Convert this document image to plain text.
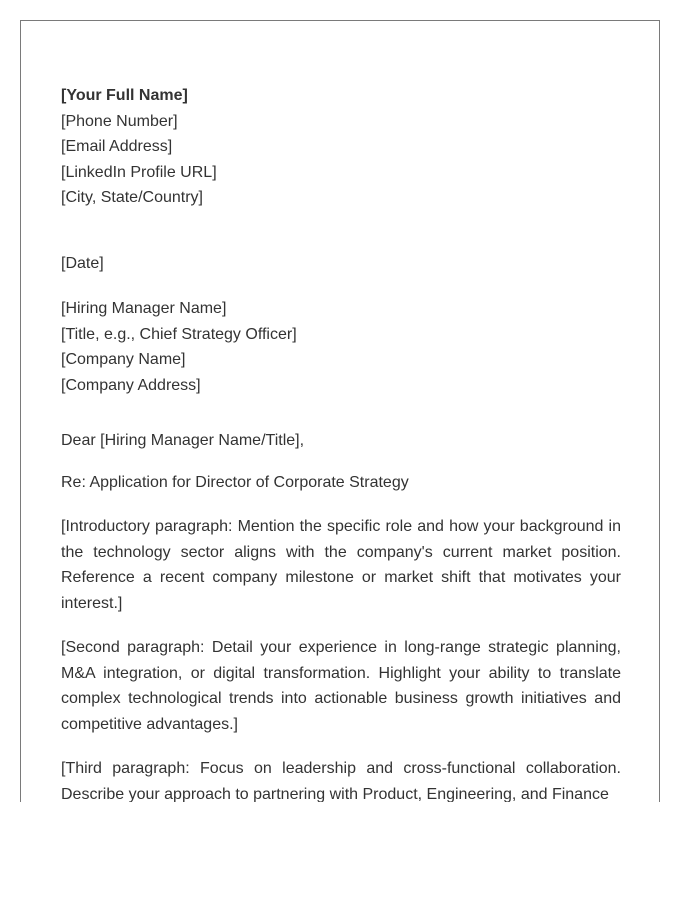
[Your Full Name]
[Phone Number]
[Email Address]
[LinkedIn Profile URL]
[City, State/Country]
[Date]
[Hiring Manager Name]
[Title, e.g., Chief Strategy Officer]
[Company Name]
[Company Address]
Dear [Hiring Manager Name/Title],
Re: Application for Director of Corporate Strategy

[Introductory paragraph: Mention the specific role and how your background in the technology sector aligns with the company's current market position. Reference a recent company milestone or market shift that motivates your interest.]

[Second paragraph: Detail your experience in long-range strategic planning, M&A integration, or digital transformation. Highlight your ability to translate complex technological trends into actionable business growth initiatives and competitive advantages.]

[Third paragraph: Focus on leadership and cross-functional collaboration. Describe your approach to partnering with Product, Engineering, and Finance
